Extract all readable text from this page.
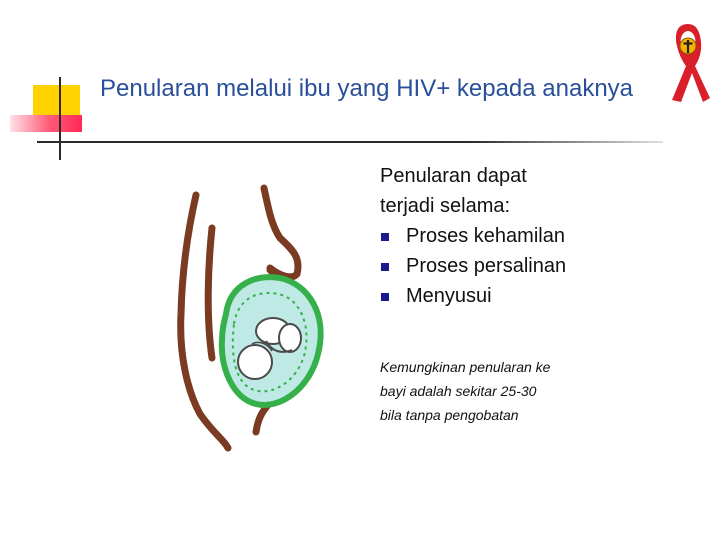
Penularan melalui ibu yang HIV+ kepada anaknya
Penularan dapat
terjadi selama:
Proses kehamilan
Proses persalinan
Menyusui
Kemungkinan penularan ke
bayi adalah sekitar 25-30
bila tanpa pengobatan
